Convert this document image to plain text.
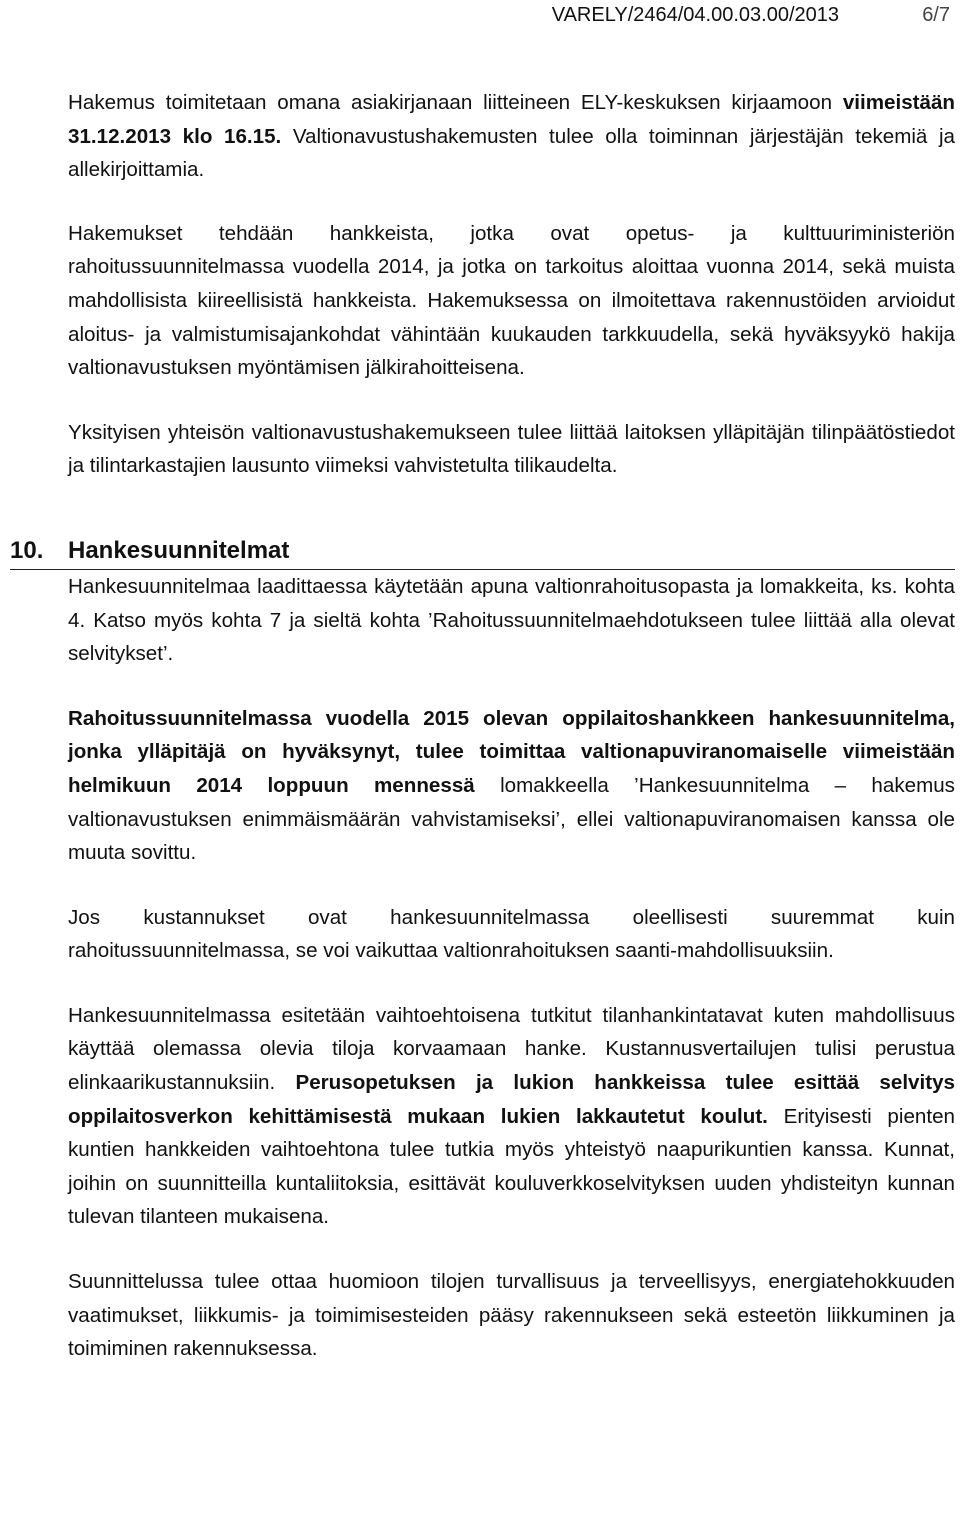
VARELY/2464/04.00.03.00/2013	6/7

Hakemus toimitetaan omana asiakirjanaan liitteineen ELY-keskuksen kirjaamoon viimeistään 31.12.2013 klo 16.15. Valtionavustushakemusten tulee olla toiminnan järjestäjän tekemiä ja allekirjoittamia.

Hakemukset tehdään hankkeista, jotka ovat opetus- ja kulttuuriministeriön rahoitussuunnitelmassa vuodella 2014, ja jotka on tarkoitus aloittaa vuonna 2014, sekä muista mahdollisista kiireellisistä hankkeista. Hakemuksessa on ilmoitettava rakennustöiden arvioidut aloitus- ja valmistumisajankohdat vähintään kuukauden tarkkuudella, sekä hyväksyykö hakija valtionavustuksen myöntämisen jälkirahoitteisena.

Yksityisen yhteisön valtionavustushakemukseen tulee liittää laitoksen ylläpitäjän tilinpäätöstiedot ja tilintarkastajien lausunto viimeksi vahvistetulta tilikaudelta.

10. Hankesuunnitelmat

Hankesuunnitelmaa laadittaessa käytetään apuna valtionrahoitusopasta ja lomakkeita, ks. kohta 4. Katso myös kohta 7 ja sieltä kohta ’Rahoitussuunnitelmaehdotukseen tulee liittää alla olevat selvitykset’.

Rahoitussuunnitelmassa vuodella 2015 olevan oppilaitoshankkeen hankesuunnitelma, jonka ylläpitäjä on hyväksynyt, tulee toimittaa valtionapuviranomaiselle viimeistään helmikuun 2014 loppuun mennessä lomakkeella ’Hankesuunnitelma – hakemus valtionavustuksen enimmäismäärän vahvistamiseksi’, ellei valtionapuviranomaisen kanssa ole muuta sovittu.

Jos kustannukset ovat hankesuunnitelmassa oleellisesti suuremmat kuin rahoitussuunnitelmassa, se voi vaikuttaa valtionrahoituksen saanti-mahdollisuuksiin.

Hankesuunnitelmassa esitetään vaihtoehtoisena tutkitut tilanhankintatavat kuten mahdollisuus käyttää olemassa olevia tiloja korvaamaan hanke. Kustannusvertailujen tulisi perustua elinkaarikustannuksiin. Perusopetuksen ja lukion hankkeissa tulee esittää selvitys oppilaitosverkon kehittämisestä mukaan lukien lakkautetut koulut. Erityisesti pienten kuntien hankkeiden vaihtoehtona tulee tutkia myös yhteistyö naapurikuntien kanssa. Kunnat, joihin on suunnitteilla kuntaliitoksia, esittävät kouluverkkoselvityksen uuden yhdisteityn kunnan tulevan tilanteen mukaisena.

Suunnittelussa tulee ottaa huomioon tilojen turvallisuus ja terveellisyys, energiatehokkuuden vaatimukset, liikkumis- ja toimimisesteiden pääsy rakennukseen sekä esteetön liikkuminen ja toimiminen rakennuksessa.
